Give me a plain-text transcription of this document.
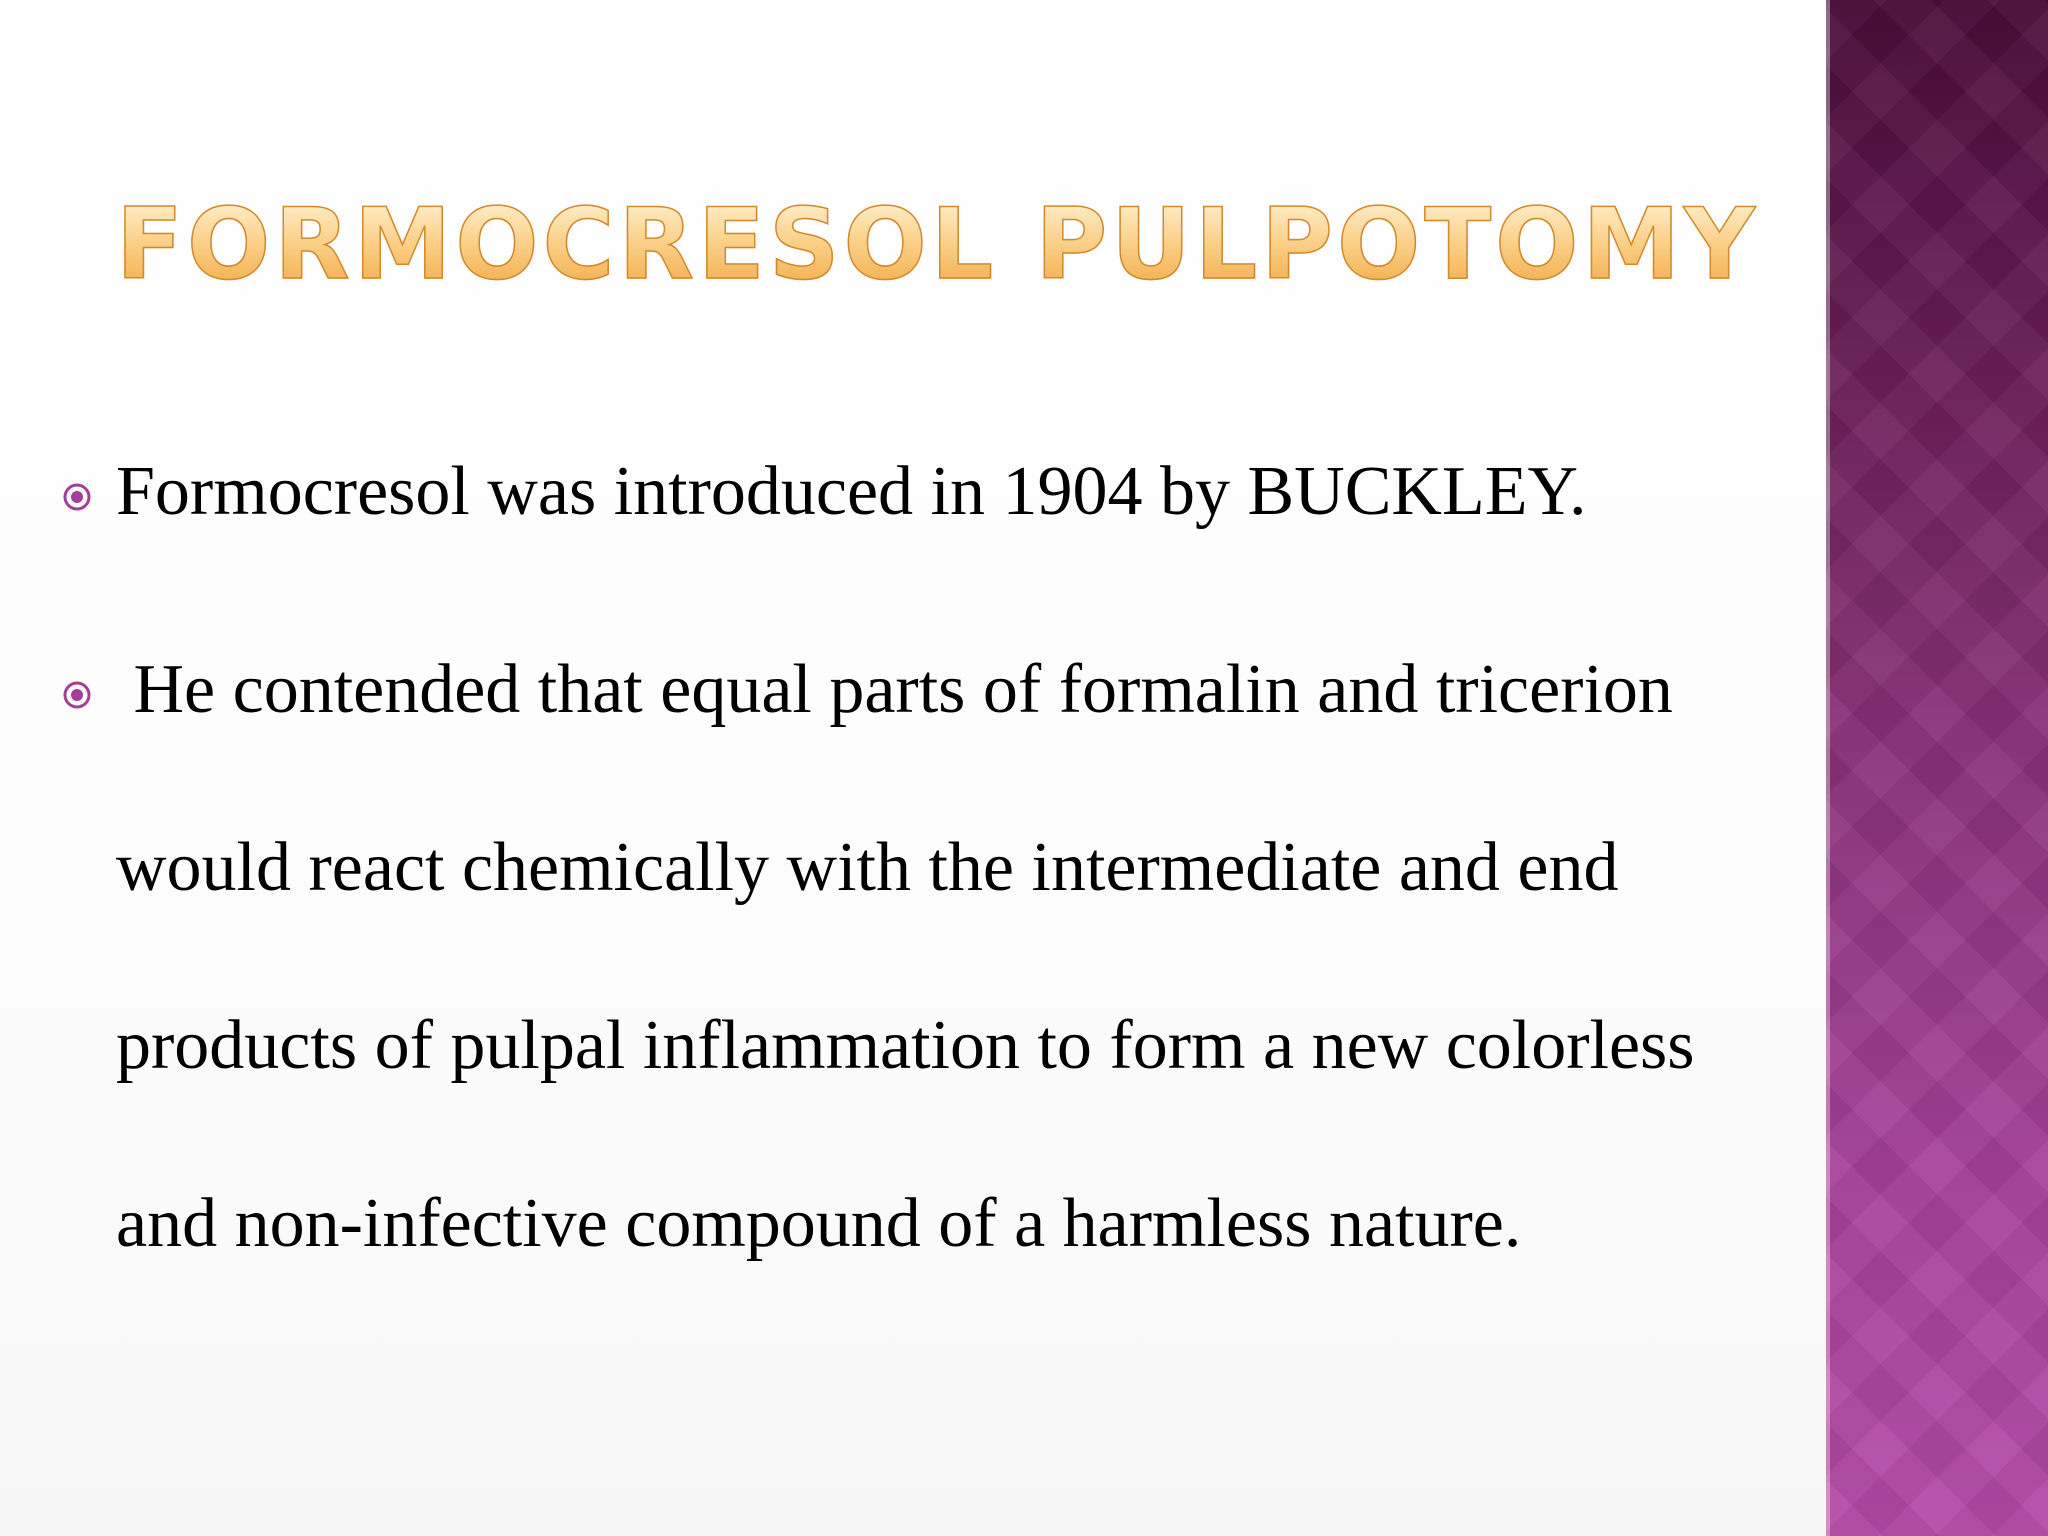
FORMOCRESOL PULPOTOMY

Formocresol was introduced in 1904 by BUCKLEY.

He contended that equal parts of formalin and tricerion

would react chemically with the intermediate and end

products of pulpal inflammation to form a new colorless

and non-infective compound of a harmless nature.
